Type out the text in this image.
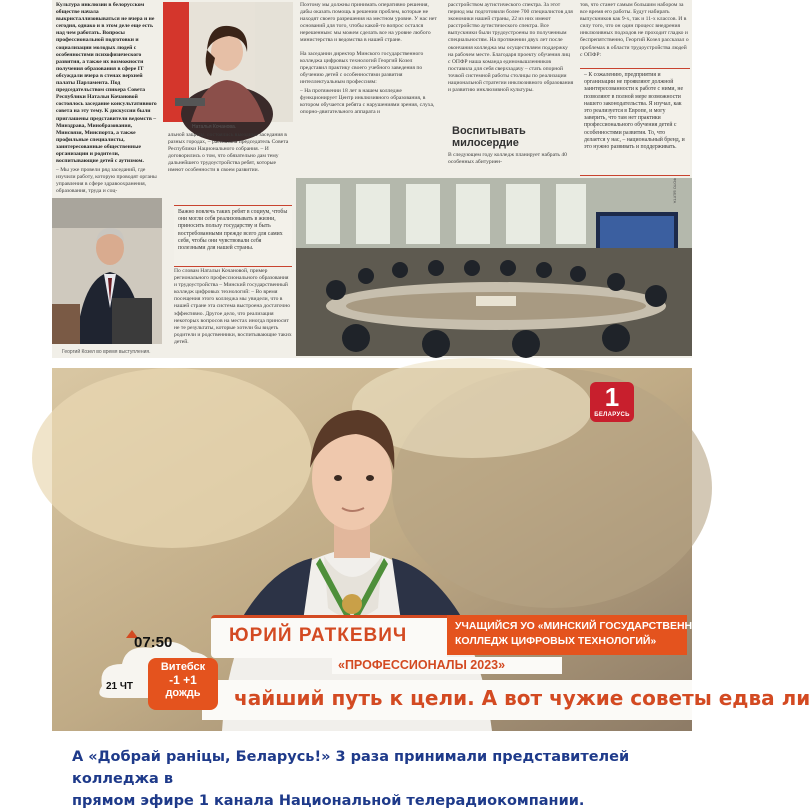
Культура инклюзии в белорусском обществе начала выкристаллизовываться не вчера и не сегодня, однако и в этом деле еще есть над чем работать. Вопросы профессиональной подготовки и социализации молодых людей с особенностями психофизического развития, а также их возможности получения образования в сфере IT обсуждали вчера в стенах верхней палаты Парламента. Под председательством спикера Совета Республики Натальи Кочановой состоялось заседание консультативного совета на эту тему. К дискуссии были приглашены представители ведомств – Минздрава, Минобразования, Минсвязи, Минспорта, а также профильные специалисты, заинтересованные общественные организации и родители, воспитывающие детей с аутизмом.

– Мы уже провели ряд заседаний, где изучили работу, которую проводят органы управления в сфере здравоохранения, образования, труда и соц-

Наталья Кочанова.

альной защиты, состоялись выездные заседания в разных городах, – рассказала председатель Совета Республики Национального собрания. – И договорились о том, что обязательно дам тему дальнейшего трудоустройства ребят, которые имеют особенности в своем развитии.

Георгий Козел во время выступления.
Важно вовлечь таких ребят в социум, чтобы они могли себя реализовывать в жизни, приносить пользу государству и быть востребованными прежде всего для самих себя, чтобы они чувствовали себя полезными для нашей страны.

По словам Натальи Кочановой, пример регионального профессионального образования и трудоустройства – Минский государственный колледж цифровых технологий: – Во время посещения этого колледжа мы увидели, что в нашей стране эта система выстроена достаточно эффективно. Другое дело, что реализация некоторых вопросов на местах иногда приносит не те результаты, которые хотели бы видеть родители и родственники, воспитывающие таких детей.

Поэтому мы должны принимать оперативно решения, дабы оказать помощь в решении проблем, которые не находят своего разрешения на местном уровне. У нас нет оснований для того, чтобы какой-то вопрос остался нерешенным: мы можем сделать все на уровне любого министерства и ведомства в нашей стране.

На заседании директор Минского государственного колледжа цифровых технологий Георгий Козел представил практику своего учебного заведения по обучению детей с особенностями развития интеллектуальным профессиям:

– На протяжении 18 лет в нашем колледже функционирует Центр инклюзивного образования, в котором обучается ребята с нарушениями зрения, слуха, опорно-двигательного аппарата и

расстройством аутистического спектра. За этот период мы подготовили более 700 специалистов для экономики нашей страны, 22 из них имеют расстройство аутистического спектра. Все выпускники были трудоустроены по полученным специальностям. На протяжении двух лет после окончания колледжа мы осуществляем поддержку на рабочем месте. Благодаря проекту обучения лиц с ОПФР наша команда единомышленников поставила для себя сверхзадачу – стать опорной точкой системной работы столицы по реализации национальной стратегии инклюзивного образования и развитию инклюзивной культуры.

Воспитывать милосердие

В следующем году колледж планирует набрать 40 особенных абитуриен-

тов, что станет самым большим набором за все время его работы. Будут набирать выпускников как 9-х, так и 11-х классов. И в силу того, что он один процесс внедрения инклюзивных подходов не проходит гладко и беспрепятственно, Георгий Козел рассказал о проблемах в области трудоустройства людей с ОПФР:

– К сожалению, предприятия и организации не проявляют должной заинтересованности к работе с ними, не позволяют в полной мере возможности нашего законодательства. Я изучал, как это реализуется в Европе, и могу заверить, что там нет практики профессионального обучения детей с особенностями развития. То, что делается у нас, – национальный бренд, и это нужно развивать и поддерживать.
ФОТО БЕЛТА
1
БЕЛАРУСЬ
УЧАЩИЙСЯ УО «МИНСКИЙ ГОСУДАРСТВЕННЫЙ
КОЛЛЕДЖ ЦИФРОВЫХ ТЕХНОЛОГИЙ»
ЮРИЙ РАТКЕВИЧ
«ПРОФЕССИОНАЛЫ 2023»
чайший путь к цели. А вот чужие советы едва ли
07:50
21 ЧТ
Витебск
-1 +1
дождь
А «Добрай раніцы, Беларусь!» 3 раза принимали представителей колледжа в
прямом эфире 1 канала Национальной телерадиокомпании.
